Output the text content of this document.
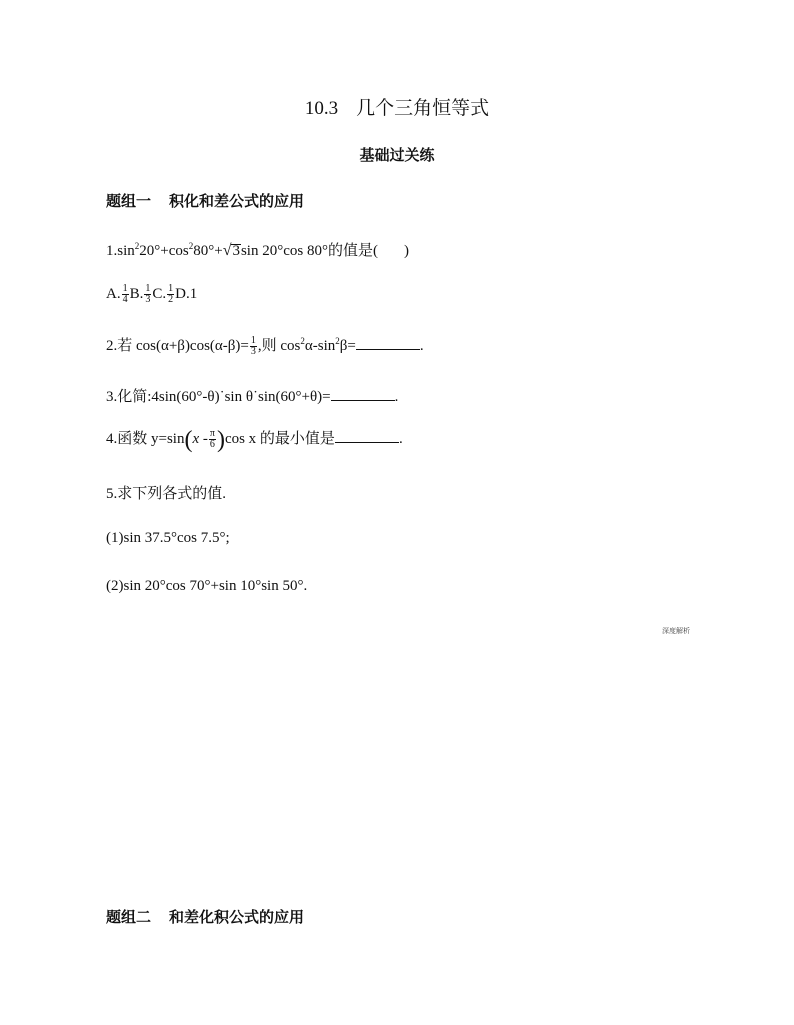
10.3 几个三角恒等式
基础过关练
题组一 积化和差公式的应用
$1.\sin^220^\circ+\cos^280^\circ+√3\sin$ 20°cos 80°的值是( )
A. $\frac{1}{4} B$. $\frac{1}{3} C$. $\frac{1}{2} D.1$
2.若 $\cos(\alpha+\beta)\cos(\alpha-\beta)= \frac{1}{3}$ ,则 $\cos^2\alpha-\sin^2\beta=$	.
3.化简:4sin(60°-θ)˙sin θ˙sin(60°+θ)=	.
4.函数 $y=\sin(x - \frac{\pi}{6} )\cos$ x 的最小值是	.
5.求下列各式的值.
(1)sin 37.5°cos 7.5°;
(2)sin 20°cos 70°+sin 10°sin 50°.
深度解析
题组二 和差化积公式的应用
